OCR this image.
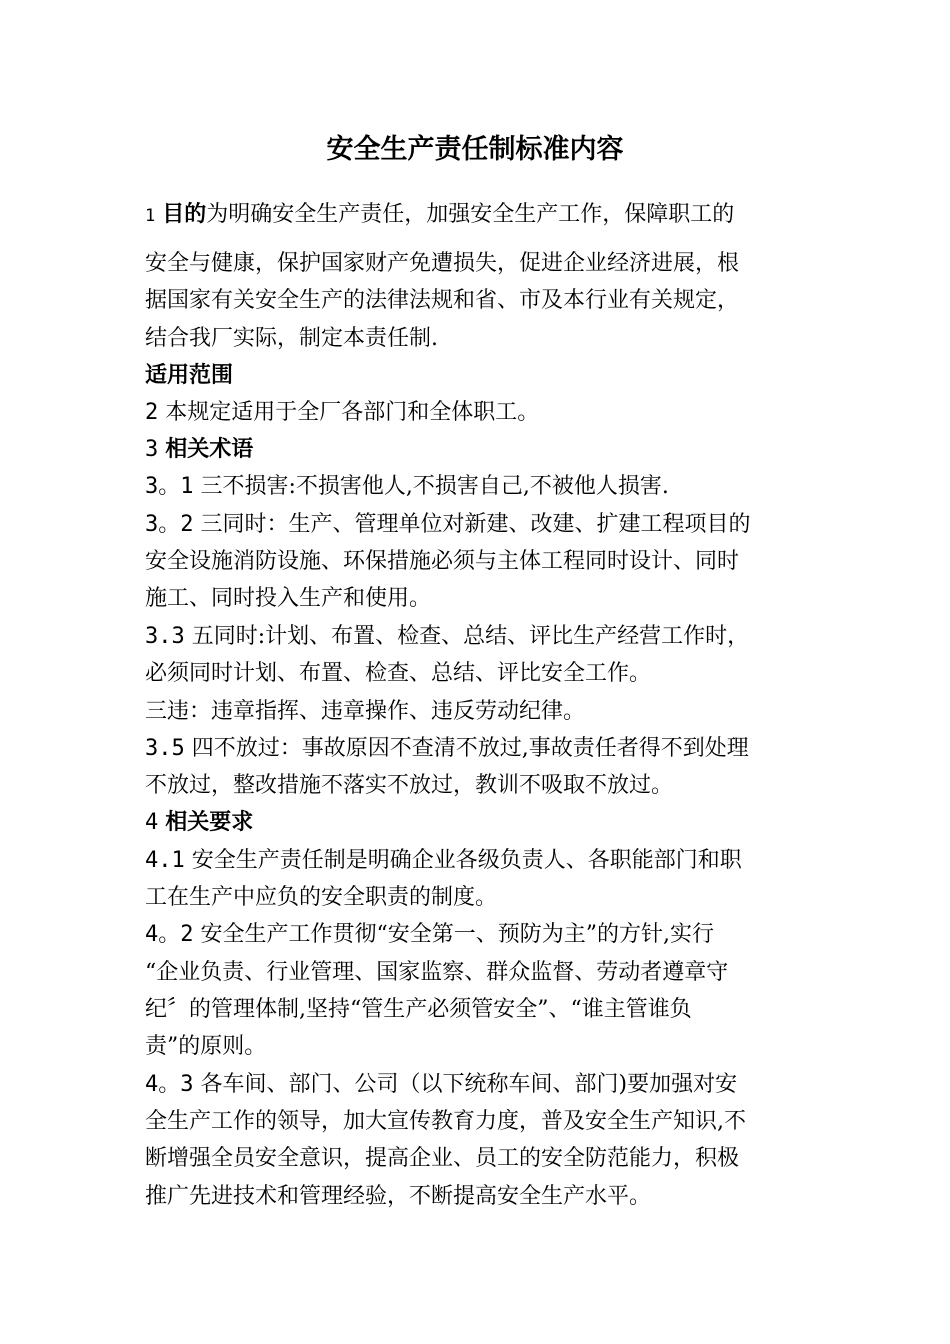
安全生产责任制标准内容
1 目的为明确安全生产责任，加强安全生产工作，保障职工的
安全与健康，保护国家财产免遭损失，促进企业经济进展，根
据国家有关安全生产的法律法规和省、市及本行业有关规定，
结合我厂实际，制定本责任制.
适用范围
2 本规定适用于全厂各部门和全体职工。
3 相关术语
3。1 三不损害:不损害他人,不损害自己,不被他人损害.
3。2 三同时：生产、管理单位对新建、改建、扩建工程项目的
安全设施消防设施、环保措施必须与主体工程同时设计、同时
施工、同时投入生产和使用。
3.3 五同时:计划、布置、检查、总结、评比生产经营工作时，
必须同时计划、布置、检查、总结、评比安全工作。
三违：违章指挥、违章操作、违反劳动纪律。
3.5 四不放过：事故原因不查清不放过,事故责任者得不到处理
不放过，整改措施不落实不放过，教训不吸取不放过。
4 相关要求
4.1 安全生产责任制是明确企业各级负责人、各职能部门和职
工在生产中应负的安全职责的制度。
4。2 安全生产工作贯彻“安全第一、预防为主”的方针,实行
“企业负责、行业管理、国家监察、群众监督、劳动者遵章守
纪〞的管理体制,坚持“管生产必须管安全”、“谁主管谁负
责”的原则。
4。3 各车间、部门、公司（以下统称车间、部门)要加强对安
全生产工作的领导，加大宣传教育力度，普及安全生产知识,不
断增强全员安全意识，提高企业、员工的安全防范能力，积极
推广先进技术和管理经验，不断提高安全生产水平。
